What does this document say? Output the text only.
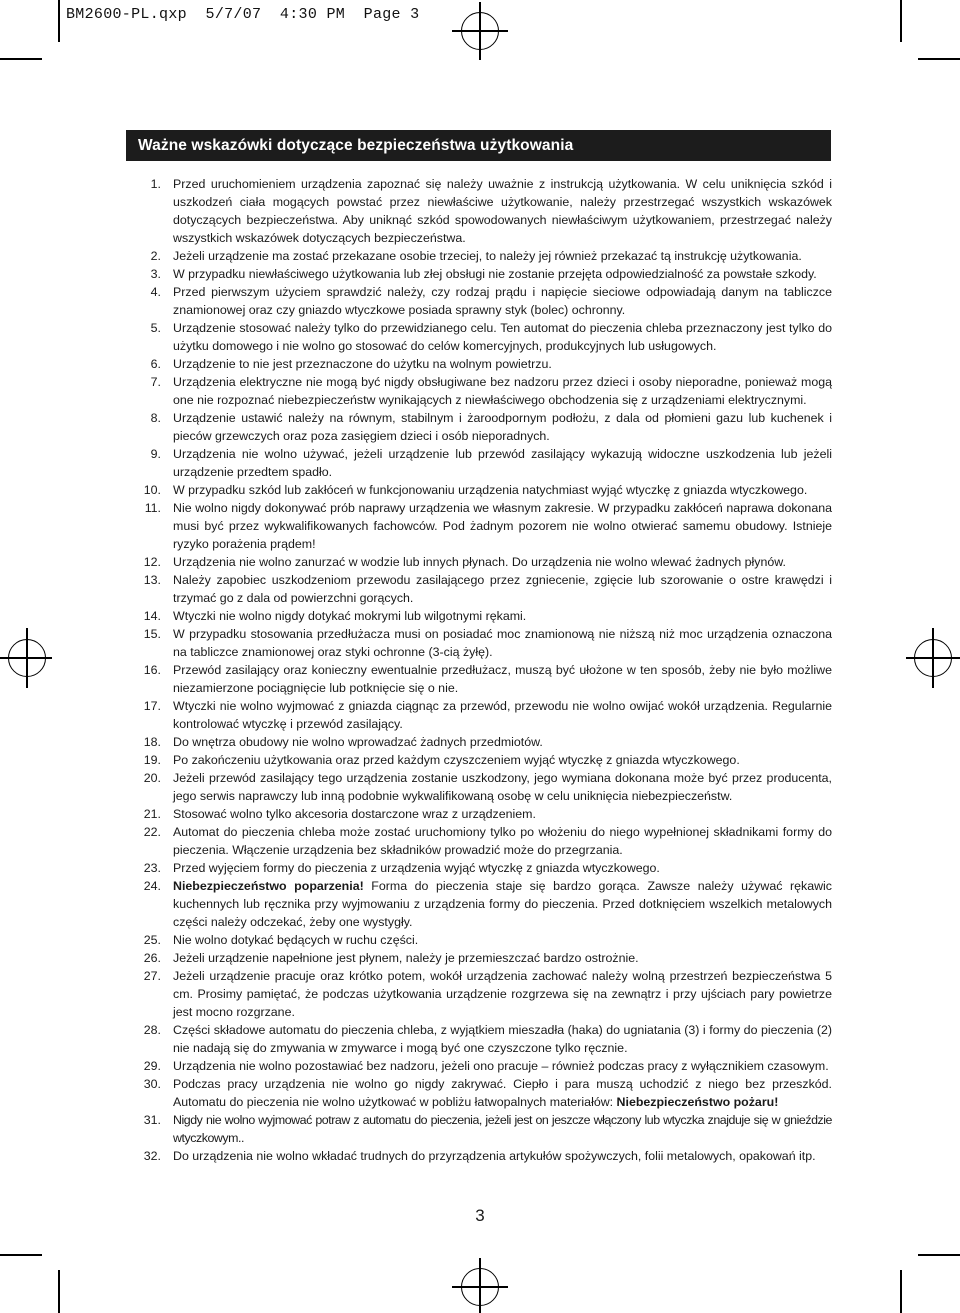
BM2600-PL.qxp  5/7/07  4:30 PM  Page 3
Ważne wskazówki dotyczące bezpieczeństwa użytkowania
1. Przed uruchomieniem urządzenia zapoznać się należy uważnie z instrukcją użytkowania. W celu uniknięcia szkód i uszkodzeń ciała mogących powstać przez niewłaściwe użytkowanie, należy przestrzegać wszystkich wskazówek dotyczących bezpieczeństwa. Aby uniknąć szkód spowodowanych niewłaściwym użytkowaniem, przestrzegać należy wszystkich wskazówek dotyczących bezpieczeństwa.
2. Jeżeli urządzenie ma zostać przekazane osobie trzeciej, to należy jej również przekazać tą instrukcję użytkowania.
3. W przypadku niewłaściwego użytkowania lub złej obsługi nie zostanie przejęta odpowiedzialność za powstałe szkody.
4. Przed pierwszym użyciem sprawdzić należy, czy rodzaj prądu i napięcie sieciowe odpowiadają danym na tabliczce znamionowej oraz czy gniazdo wtyczkowe posiada sprawny styk (bolec) ochronny.
5. Urządzenie stosować należy tylko do przewidzianego celu. Ten automat do pieczenia chleba przeznaczony jest tylko do użytku domowego i nie wolno go stosować do celów komercyjnych, produkcyjnych lub usługowych.
6. Urządzenie to nie jest przeznaczone do użytku na wolnym powietrzu.
7. Urządzenia elektryczne nie mogą być nigdy obsługiwane bez nadzoru przez dzieci i osoby nieporadne, ponieważ mogą one nie rozpoznać niebezpieczeństw wynikających z niewłaściwego obchodzenia się z urządzeniami elektrycznymi.
8. Urządzenie ustawić należy na równym, stabilnym i żaroodpornym podłożu, z dala od płomieni gazu lub kuchenek i pieców grzewczych oraz poza zasięgiem dzieci i osób nieporadnych.
9. Urządzenia nie wolno używać, jeżeli urządzenie lub przewód zasilający wykazują widoczne uszkodzenia lub jeżeli urządzenie przedtem spadło.
10. W przypadku szkód lub zakłóceń w funkcjonowaniu urządzenia natychmiast wyjąć wtyczkę z gniazda wtyczkowego.
11. Nie wolno nigdy dokonywać prób naprawy urządzenia we własnym zakresie. W przypadku zakłóceń naprawa dokonana musi być przez wykwalifikowanych fachowców. Pod żadnym pozorem nie wolno otwierać samemu obudowy. Istnieje ryzyko porażenia prądem!
12. Urządzenia nie wolno zanurzać w wodzie lub innych płynach. Do urządzenia nie wolno wlewać żadnych płynów.
13. Należy zapobiec uszkodzeniom przewodu zasilającego przez zgniecenie, zgięcie lub szorowanie o ostre krawędzi i trzymać go z dala od powierzchni gorących.
14. Wtyczki nie wolno nigdy dotykać mokrymi lub wilgotnymi rękami.
15. W przypadku stosowania przedłużacza musi on posiadać moc znamionową nie niższą niż moc urządzenia oznaczona na tabliczce znamionowej oraz styki ochronne (3-cią żyłę).
16. Przewód zasilający oraz konieczny ewentualnie przedłużacz, muszą być ułożone w ten sposób, żeby nie było możliwe niezamierzone pociągnięcie lub potknięcie się o nie.
17. Wtyczki nie wolno wyjmować z gniazda ciągnąc za przewód, przewodu nie wolno owijać wokół urządzenia. Regularnie kontrolować wtyczkę i przewód zasilający.
18. Do wnętrza obudowy nie wolno wprowadzać żadnych przedmiotów.
19. Po zakończeniu użytkowania oraz przed każdym czyszczeniem wyjąć wtyczkę z gniazda wtyczkowego.
20. Jeżeli przewód zasilający tego urządzenia zostanie uszkodzony, jego wymiana dokonana może być przez producenta, jego serwis naprawczy lub inną podobnie wykwalifikowaną osobę w celu uniknięcia niebezpieczeństw.
21. Stosować wolno tylko akcesoria dostarczone wraz z urządzeniem.
22. Automat do pieczenia chleba może zostać uruchomiony tylko po włożeniu do niego wypełnionej składnikami formy do pieczenia. Włączenie urządzenia bez składników prowadzić może do przegrzania.
23. Przed wyjęciem formy do pieczenia z urządzenia wyjąć wtyczkę z gniazda wtyczkowego.
24. Niebezpieczeństwo poparzenia! Forma do pieczenia staje się bardzo gorąca. Zawsze należy używać rękawic kuchennych lub ręcznika przy wyjmowaniu z urządzenia formy do pieczenia. Przed dotknięciem wszelkich metalowych części należy odczekać, żeby one wystygły.
25. Nie wolno dotykać będących w ruchu części.
26. Jeżeli urządzenie napełnione jest płynem, należy je przemieszczać bardzo ostrożnie.
27. Jeżeli urządzenie pracuje oraz krótko potem, wokół urządzenia zachować należy wolną przestrzeń bezpieczeństwa 5 cm. Prosimy pamiętać, że podczas użytkowania urządzenie rozgrzewa się na zewnątrz i przy ujściach pary powietrze jest mocno rozgrzane.
28. Części składowe automatu do pieczenia chleba, z wyjątkiem mieszadła (haka) do ugniatania (3) i formy do pieczenia (2) nie nadają się do zmywania w zmywarce i mogą być one czyszczone tylko ręcznie.
29. Urządzenia nie wolno pozostawiać bez nadzoru, jeżeli ono pracuje – również podczas pracy z wyłącznikiem czasowym.
30. Podczas pracy urządzenia nie wolno go nigdy zakrywać. Ciepło i para muszą uchodzić z niego bez przeszkód. Automatu do pieczenia nie wolno użytkować w pobliżu łatwopalnych materiałów: Niebezpieczeństwo pożaru!
31. Nigdy nie wolno wyjmować potraw z automatu do pieczenia, jeżeli jest on jeszcze włączony lub wtyczka znajduje się w gnieździe wtyczkowym..
32. Do urządzenia nie wolno wkładać trudnych do przyrządzenia artykułów spożywczych, folii metalowych, opakowań itp.
3
